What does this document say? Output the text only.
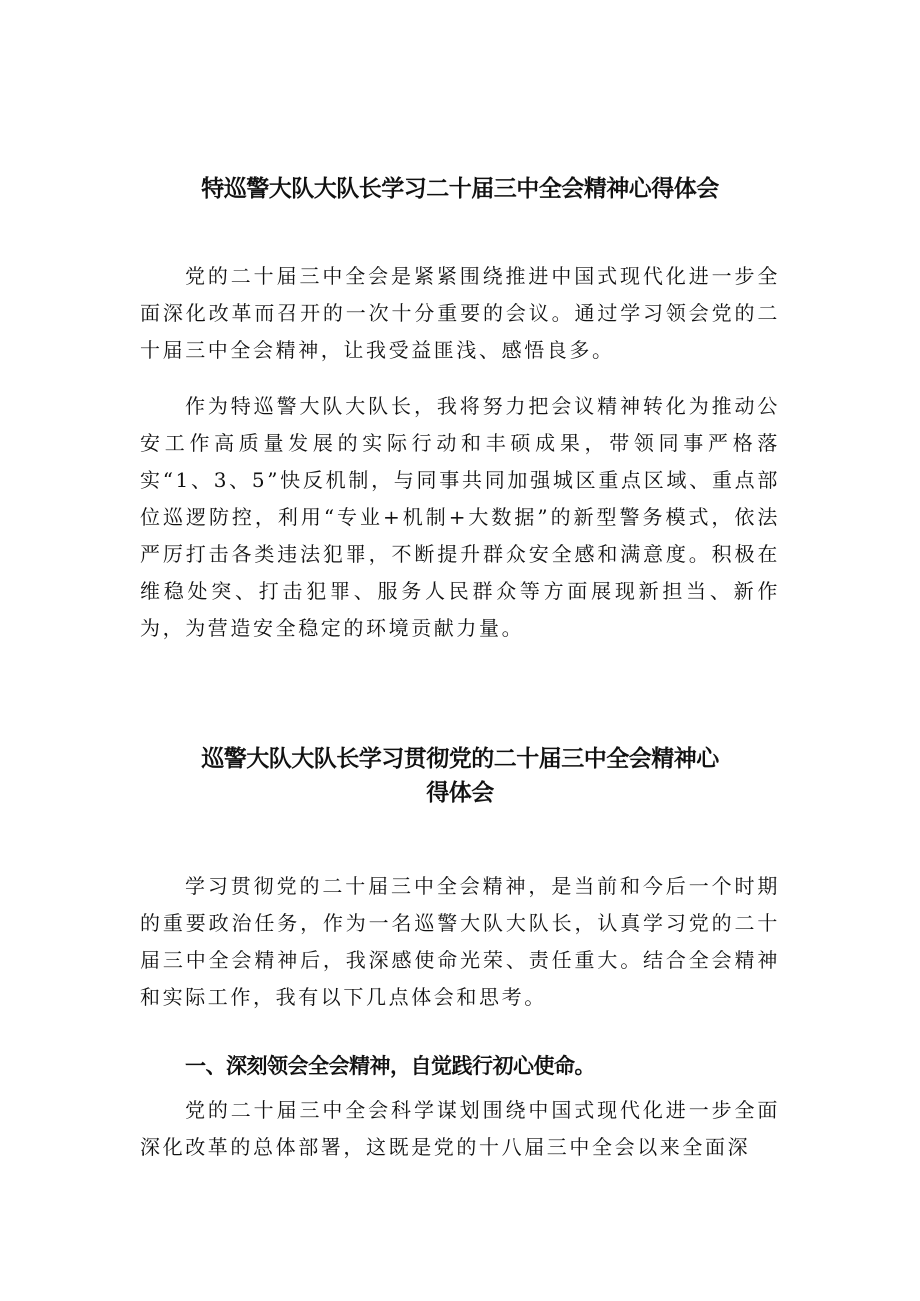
特巡警大队大队长学习二十届三中全会精神心得体会

党的二十届三中全会是紧紧围绕推进中国式现代化进一步全面深化改革而召开的一次十分重要的会议。通过学习领会党的二十届三中全会精神，让我受益匪浅、感悟良多。

作为特巡警大队大队长，我将努力把会议精神转化为推动公安工作高质量发展的实际行动和丰硕成果，带领同事严格落实“1、3、5”快反机制，与同事共同加强城区重点区域、重点部位巡逻防控，利用“专业+机制+大数据”的新型警务模式，依法严厉打击各类违法犯罪，不断提升群众安全感和满意度。积极在维稳处突、打击犯罪、服务人民群众等方面展现新担当、新作为，为营造安全稳定的环境贡献力量。

巡警大队大队长学习贯彻党的二十届三中全会精神心
得体会

学习贯彻党的二十届三中全会精神，是当前和今后一个时期的重要政治任务，作为一名巡警大队大队长，认真学习党的二十届三中全会精神后，我深感使命光荣、责任重大。结合全会精神和实际工作，我有以下几点体会和思考。

一、深刻领会全会精神，自觉践行初心使命。

党的二十届三中全会科学谋划围绕中国式现代化进一步全面深化改革的总体部署，这既是党的十八届三中全会以来全面深
